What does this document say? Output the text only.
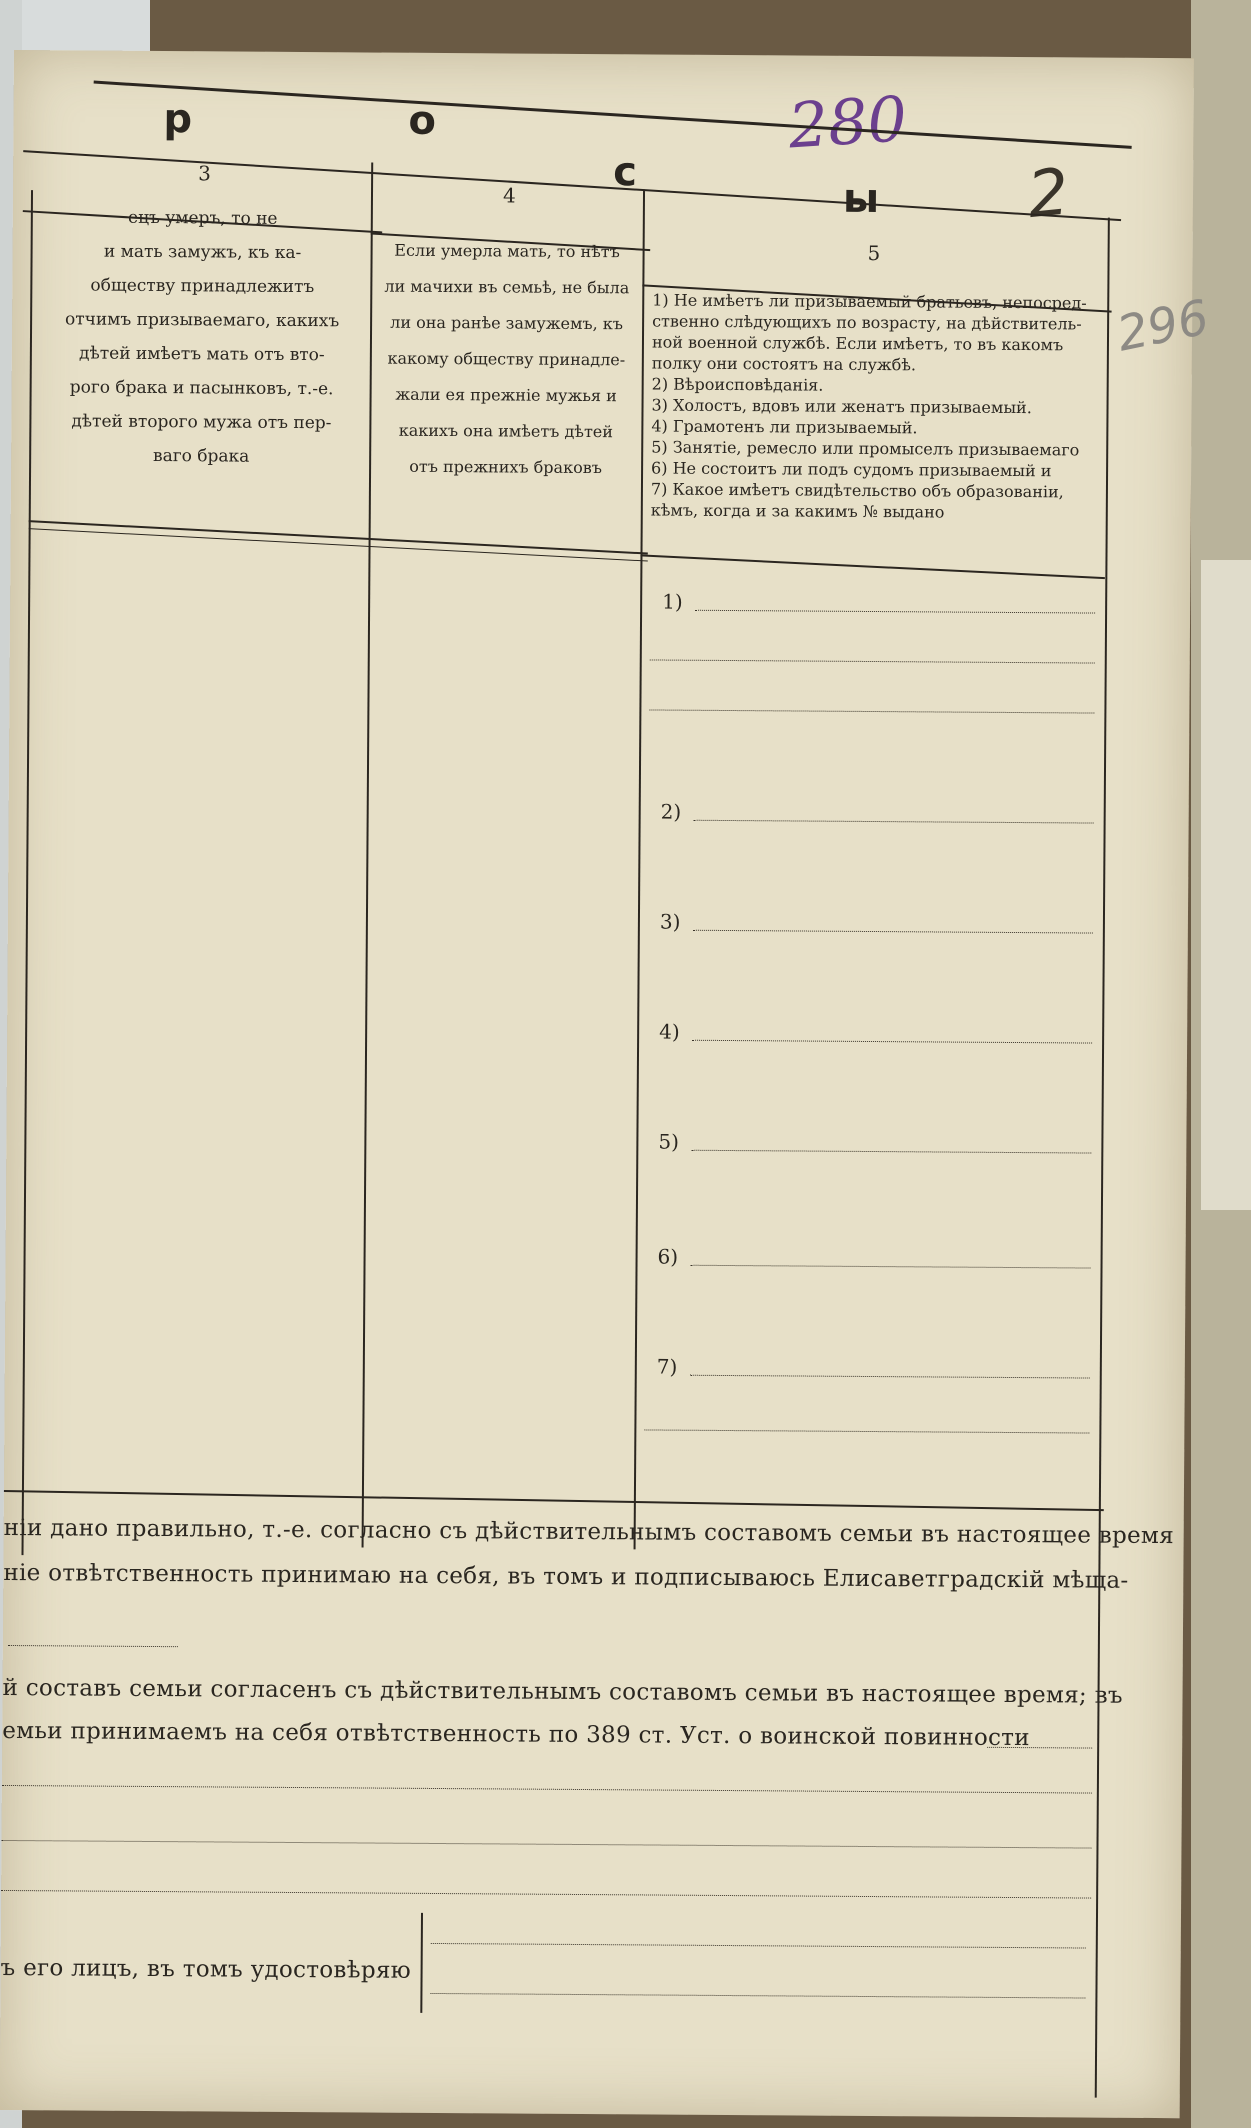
280
2
296
р	о
с
ы
3
4
5
ецъ умеръ, то не
и мать замужъ, къ ка-
обществу принадлежитъ
отчимъ призываемаго, какихъ
дѣтей имѣетъ мать отъ вто-
рого брака и пасынковъ, т.-е.
дѣтей второго мужа отъ пер-
ваго брака
Если умерла мать, то нѣтъ
ли мачихи въ семьѣ, не была
ли она ранѣе замужемъ, къ
какому обществу принадле-
жали ея прежніе мужья и
какихъ она имѣетъ дѣтей
отъ прежнихъ браковъ
1) Не имѣетъ ли призываемый братьевъ, непосред-
ственно слѣдующихъ по возрасту, на дѣйствитель-
ной военной службѣ. Если имѣетъ, то въ какомъ
полку они состоятъ на службѣ.
2) Вѣроисповѣданія.
3) Холостъ, вдовъ или женатъ призываемый.
4) Грамотенъ ли призываемый.
5) Занятіе, ремесло или промыселъ призываемаго
6) Не состоитъ ли подъ судомъ призываемый и
7) Какое имѣетъ свидѣтельство объ образованіи,
кѣмъ, когда и за какимъ № выдано
1)
2)
3)
4)
5)
6)
7)
ніи дано правильно, т.-е. согласно съ дѣйствительнымъ составомъ семьи въ настоящее время
ніе отвѣтственность принимаю на себя, въ томъ и подписываюсь Елисаветградскій мѣща-
й составъ семьи согласенъ съ дѣйствительнымъ составомъ семьи въ настоящее время; въ
емьи принимаемъ на себя отвѣтственность по 389 ст. Уст. о воинской повинности
ъ его лицъ, въ томъ удостовѣряю
